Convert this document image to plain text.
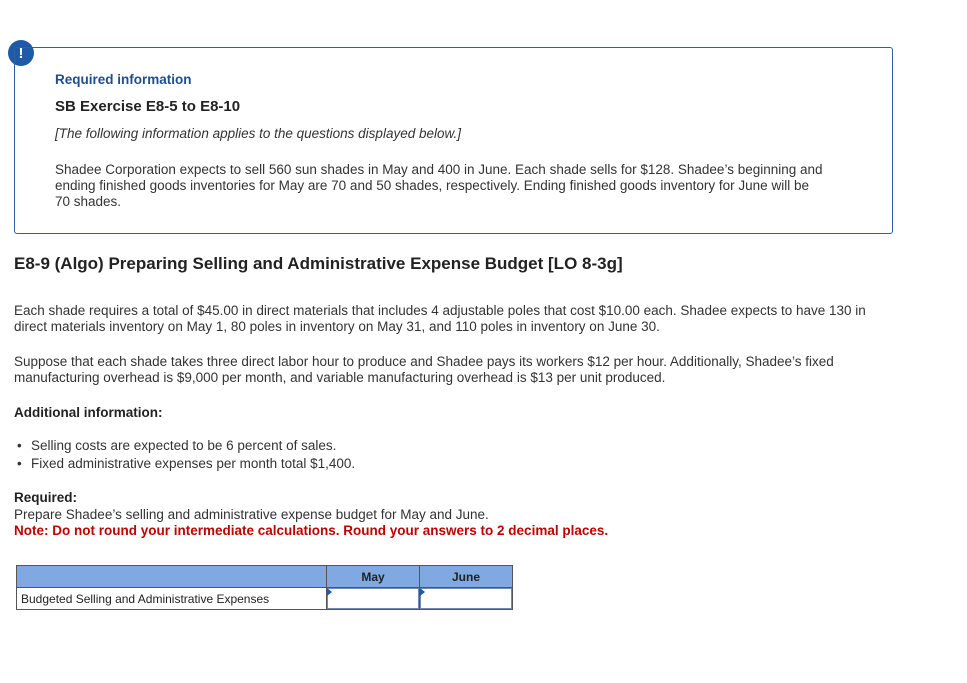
!
Required information
SB Exercise E8-5 to E8-10
[The following information applies to the questions displayed below.]
Shadee Corporation expects to sell 560 sun shades in May and 400 in June. Each shade sells for $128. Shadee’s beginning and ending finished goods inventories for May are 70 and 50 shades, respectively. Ending finished goods inventory for June will be 70 shades.
E8-9 (Algo) Preparing Selling and Administrative Expense Budget [LO 8-3g]
Each shade requires a total of $45.00 in direct materials that includes 4 adjustable poles that cost $10.00 each. Shadee expects to have 130 in direct materials inventory on May 1, 80 poles in inventory on May 31, and 110 poles in inventory on June 30.
Suppose that each shade takes three direct labor hour to produce and Shadee pays its workers $12 per hour. Additionally, Shadee’s fixed manufacturing overhead is $9,000 per month, and variable manufacturing overhead is $13 per unit produced.
Additional information:
• Selling costs are expected to be 6 percent of sales.
• Fixed administrative expenses per month total $1,400.
Required:
Prepare Shadee’s selling and administrative expense budget for May and June.
Note: Do not round your intermediate calculations. Round your answers to 2 decimal places.
	May	June
Budgeted Selling and Administrative Expenses	
